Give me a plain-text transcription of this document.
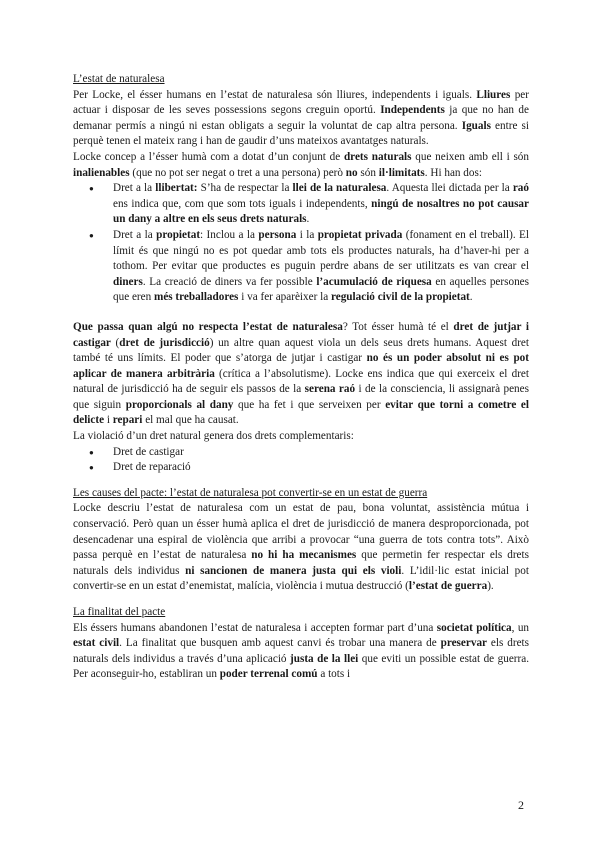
L’estat de naturalesa

Per Locke, el ésser humans en l’estat de naturalesa són lliures, independents i iguals. Lliures per actuar i disposar de les seves possessions segons creguin oportú. Independents ja que no han de demanar permís a ningú ni estan obligats a seguir la voluntat de cap altra persona. Iguals entre si perquè tenen el mateix rang i han de gaudir d’uns mateixos avantatges naturals.

Locke concep a l’ésser humà com a dotat d’un conjunt de drets naturals que neixen amb ell i són inalienables (que no pot ser negat o tret a una persona) però no són il·limitats. Hi han dos:

● Dret a la llibertat: S’ha de respectar la llei de la naturalesa. Aquesta llei dictada per la raó ens indica que, com que som tots iguals i independents, ningú de nosaltres no pot causar un dany a altre en els seus drets naturals.
● Dret a la propietat: Inclou a la persona i la propietat privada (fonament en el treball). El límit és que ningú no es pot quedar amb tots els productes naturals, ha d’haver-hi per a tothom. Per evitar que productes es puguin perdre abans de ser utilitzats es van crear el diners. La creació de diners va fer possible l’acumulació de riquesa en aquelles persones que eren més treballadores i va fer aparèixer la regulació civil de la propietat.

Que passa quan algú no respecta l’estat de naturalesa? Tot ésser humà té el dret de jutjar i castigar (dret de jurisdicció) un altre quan aquest viola un dels seus drets humans. Aquest dret també té uns límits. El poder que s’atorga de jutjar i castigar no és un poder absolut ni es pot aplicar de manera arbitrària (crítica a l’absolutisme). Locke ens indica que qui exerceix el dret natural de jurisdicció ha de seguir els passos de la serena raó i de la consciencia, li assignarà penes que siguin proporcionals al dany que ha fet i que serveixen per evitar que torni a cometre el delicte i repari el mal que ha causat.

La violació d’un dret natural genera dos drets complementaris:

● Dret de castigar
● Dret de reparació

Les causes del pacte: l’estat de naturalesa pot convertir-se en un estat de guerra

Locke descriu l’estat de naturalesa com un estat de pau, bona voluntat, assistència mútua i conservació. Però quan un ésser humà aplica el dret de jurisdicció de manera desproporcionada, pot desencadenar una espiral de violència que arribi a provocar “una guerra de tots contra tots”. Això passa perquè en l’estat de naturalesa no hi ha mecanismes que permetin fer respectar els drets naturals dels individus ni sancionen de manera justa qui els violi. L’idil·lic estat inicial pot convertir-se en un estat d’enemistat, malícia, violència i mutua destrucció (l’estat de guerra).

La finalitat del pacte

Els éssers humans abandonen l’estat de naturalesa i accepten formar part d’una societat política, un estat civil. La finalitat que busquen amb aquest canvi és trobar una manera de preservar els drets naturals dels individus a través d’una aplicació justa de la llei que eviti un possible estat de guerra. Per aconseguir-ho, establiran un poder terrenal comú a tots i

2
